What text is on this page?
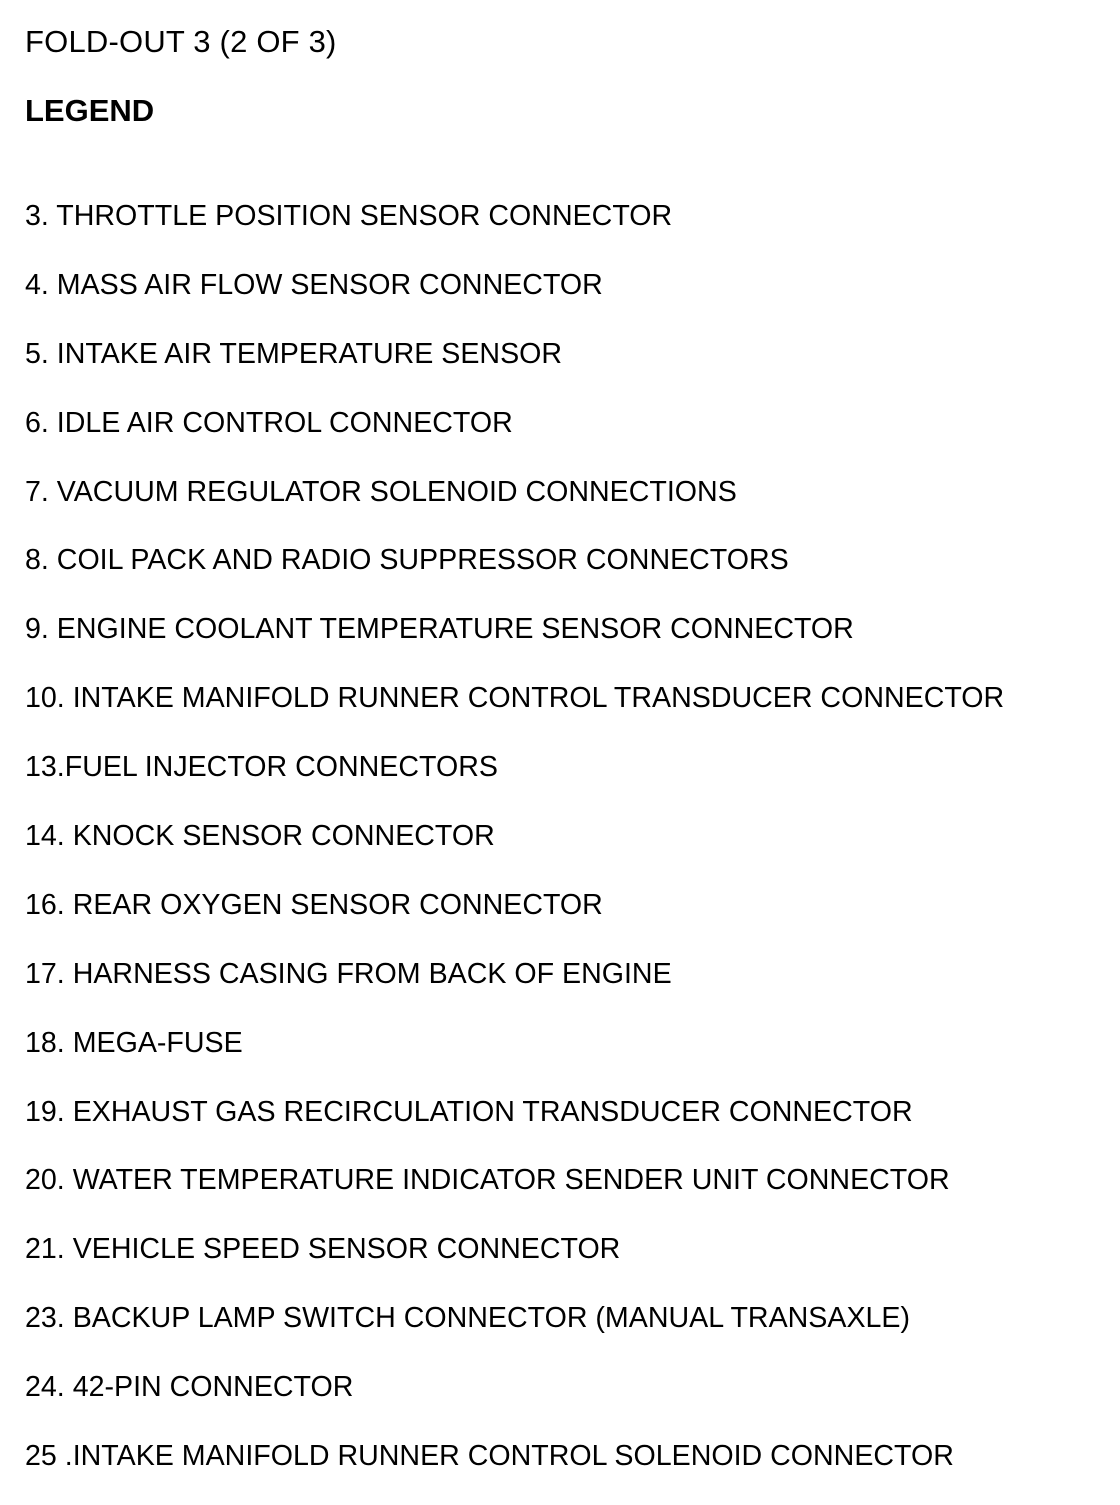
FOLD-OUT 3 (2 OF 3)
LEGEND
3. THROTTLE POSITION SENSOR CONNECTOR
4. MASS AIR FLOW SENSOR CONNECTOR
5. INTAKE AIR TEMPERATURE SENSOR
6. IDLE AIR CONTROL CONNECTOR
7. VACUUM REGULATOR SOLENOID CONNECTIONS
8. COIL PACK AND RADIO SUPPRESSOR CONNECTORS
9. ENGINE COOLANT TEMPERATURE SENSOR CONNECTOR
10. INTAKE MANIFOLD RUNNER CONTROL TRANSDUCER CONNECTOR
13.FUEL INJECTOR CONNECTORS
14. KNOCK SENSOR CONNECTOR
16. REAR OXYGEN SENSOR CONNECTOR
17. HARNESS CASING FROM BACK OF ENGINE
18. MEGA-FUSE
19. EXHAUST GAS RECIRCULATION TRANSDUCER CONNECTOR
20. WATER TEMPERATURE INDICATOR SENDER UNIT CONNECTOR
21. VEHICLE SPEED SENSOR CONNECTOR
23. BACKUP LAMP SWITCH CONNECTOR (MANUAL TRANSAXLE)
24. 42-PIN CONNECTOR
25 .INTAKE MANIFOLD RUNNER CONTROL SOLENOID CONNECTOR
